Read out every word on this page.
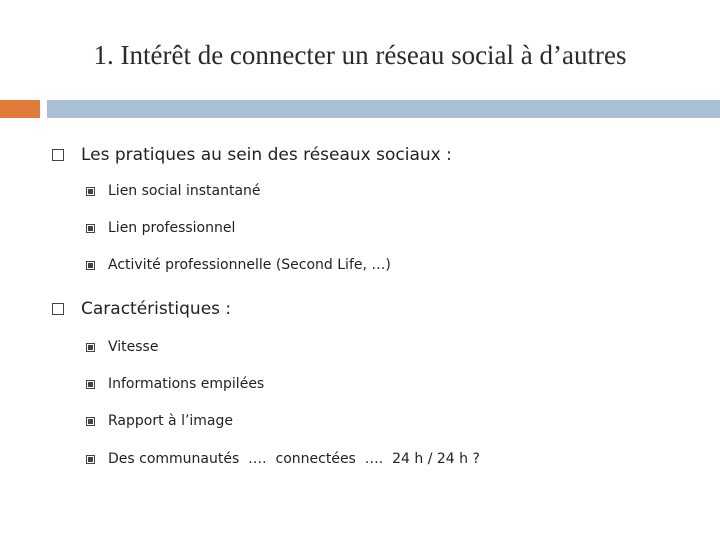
1. Intérêt de connecter un réseau social à d’autres
Les pratiques au sein des réseaux sociaux :
Lien social instantané
Lien professionnel
Activité professionnelle (Second Life, …)
Caractéristiques :
Vitesse
Informations empilées
Rapport à l’image
Des communautés  ….  connectées  ….  24 h / 24 h ?
